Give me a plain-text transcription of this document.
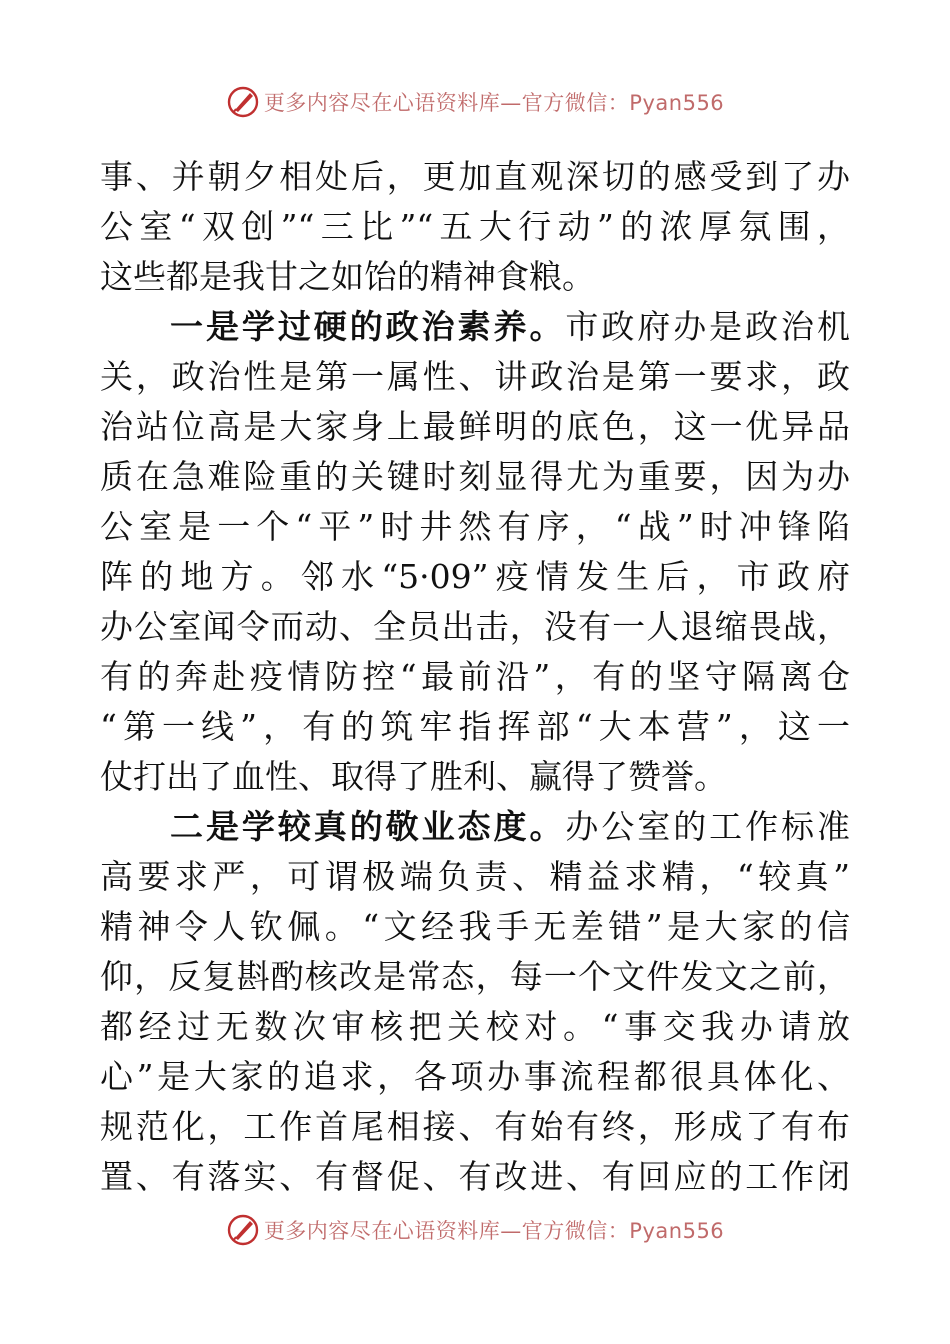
更多内容尽在心语资料库—官方微信：Pyan556
事、并朝夕相处后，更加直观深切的感受到了办
公室“双创”“三比”“五大行动”的浓厚氛围，
这些都是我甘之如饴的精神食粮。
一是学过硬的政治素养。市政府办是政治机
关，政治性是第一属性、讲政治是第一要求，政
治站位高是大家身上最鲜明的底色，这一优异品
质在急难险重的关键时刻显得尤为重要，因为办
公室是一个“平”时井然有序，“战”时冲锋陷
阵的地方。邻水“5·09”疫情发生后，市政府
办公室闻令而动、全员出击，没有一人退缩畏战，
有的奔赴疫情防控“最前沿”，有的坚守隔离仓
“第一线”，有的筑牢指挥部“大本营”，这一
仗打出了血性、取得了胜利、赢得了赞誉。
二是学较真的敬业态度。办公室的工作标准
高要求严，可谓极端负责、精益求精，“较真”
精神令人钦佩。“文经我手无差错”是大家的信
仰，反复斟酌核改是常态，每一个文件发文之前，
都经过无数次审核把关校对。“事交我办请放
心”是大家的追求，各项办事流程都很具体化、
规范化，工作首尾相接、有始有终，形成了有布
置、有落实、有督促、有改进、有回应的工作闭
更多内容尽在心语资料库—官方微信：Pyan556
